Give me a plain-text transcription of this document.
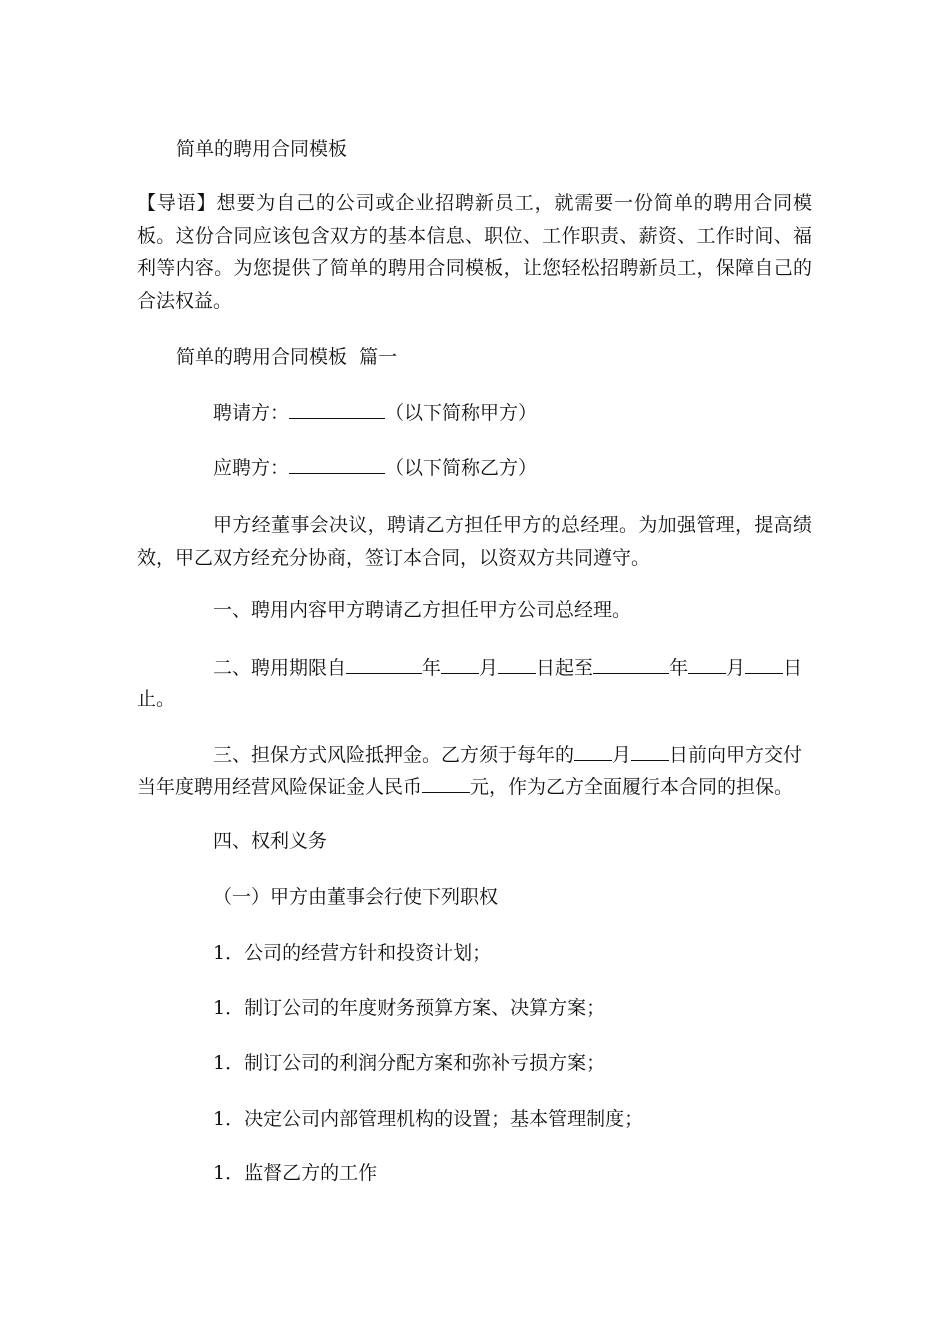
简单的聘用合同模板
【导语】想要为自己的公司或企业招聘新员工，就需要一份简单的聘用合同模板。这份合同应该包含双方的基本信息、职位、工作职责、薪资、工作时间、福利等内容。为您提供了简单的聘用合同模板，让您轻松招聘新员工，保障自己的合法权益。
简单的聘用合同模板  篇一
聘请方：	（以下简称甲方）
应聘方：	（以下简称乙方）
甲方经董事会决议，聘请乙方担任甲方的总经理。为加强管理，提高绩效，甲乙双方经充分协商，签订本合同，以资双方共同遵守。
一、聘用内容甲方聘请乙方担任甲方公司总经理。
二、聘用期限自	年 月 日起至	年 月 日
止。
三、担保方式风险抵押金。乙方须于每年的 月 日前向甲方交付
当年度聘用经营风险保证金人民币	元，作为乙方全面履行本合同的担保。
四、权利义务
（一）甲方由董事会行使下列职权
1．公司的经营方针和投资计划；
1．制订公司的年度财务预算方案、决算方案；
1．制订公司的利润分配方案和弥补亏损方案；
1．决定公司内部管理机构的设置；基本管理制度；
1．监督乙方的工作
